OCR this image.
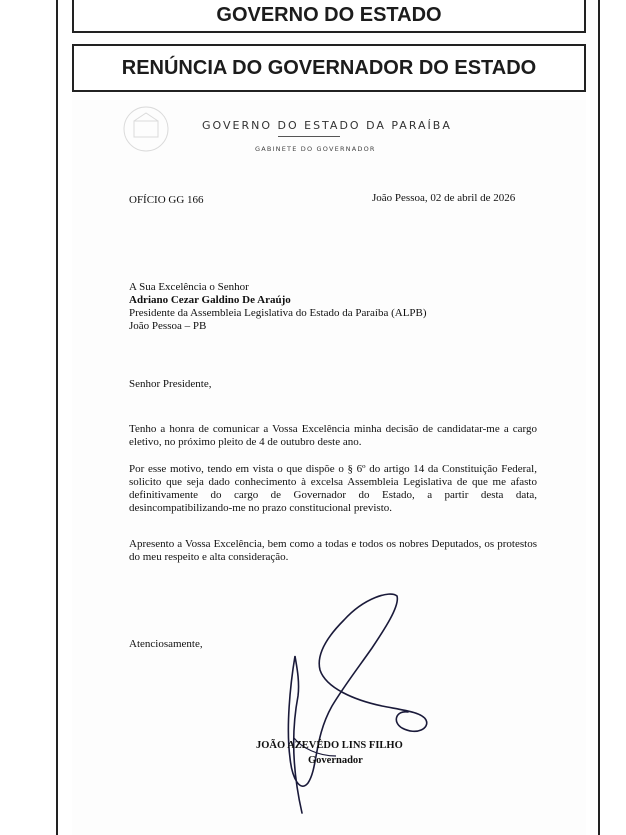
GOVERNO DO ESTADO
RENÚNCIA DO GOVERNADOR DO ESTADO
GOVERNO DO ESTADO DA PARAÍBA
GABINETE DO GOVERNADOR
OFÍCIO GG 166	João Pessoa, 02 de abril de 2026
A Sua Excelência o Senhor
Adriano Cezar Galdino De Araújo
Presidente da Assembleia Legislativa do Estado da Paraíba (ALPB)
João Pessoa – PB
Senhor Presidente,
Tenho a honra de comunicar a Vossa Excelência minha decisão de candidatar-me a cargo eletivo, no próximo pleito de 4 de outubro deste ano.
Por esse motivo, tendo em vista o que dispõe o § 6º do artigo 14 da Constituição Federal, solicito que seja dado conhecimento à excelsa Assembleia Legislativa de que me afasto definitivamente do cargo de Governador do Estado, a partir desta data, desincompatibilizando-me no prazo constitucional previsto.
Apresento a Vossa Excelência, bem como a todas e todos os nobres Deputados, os protestos do meu respeito e alta consideração.
Atenciosamente,
JOÃO AZEVÊDO LINS FILHO
Governador
